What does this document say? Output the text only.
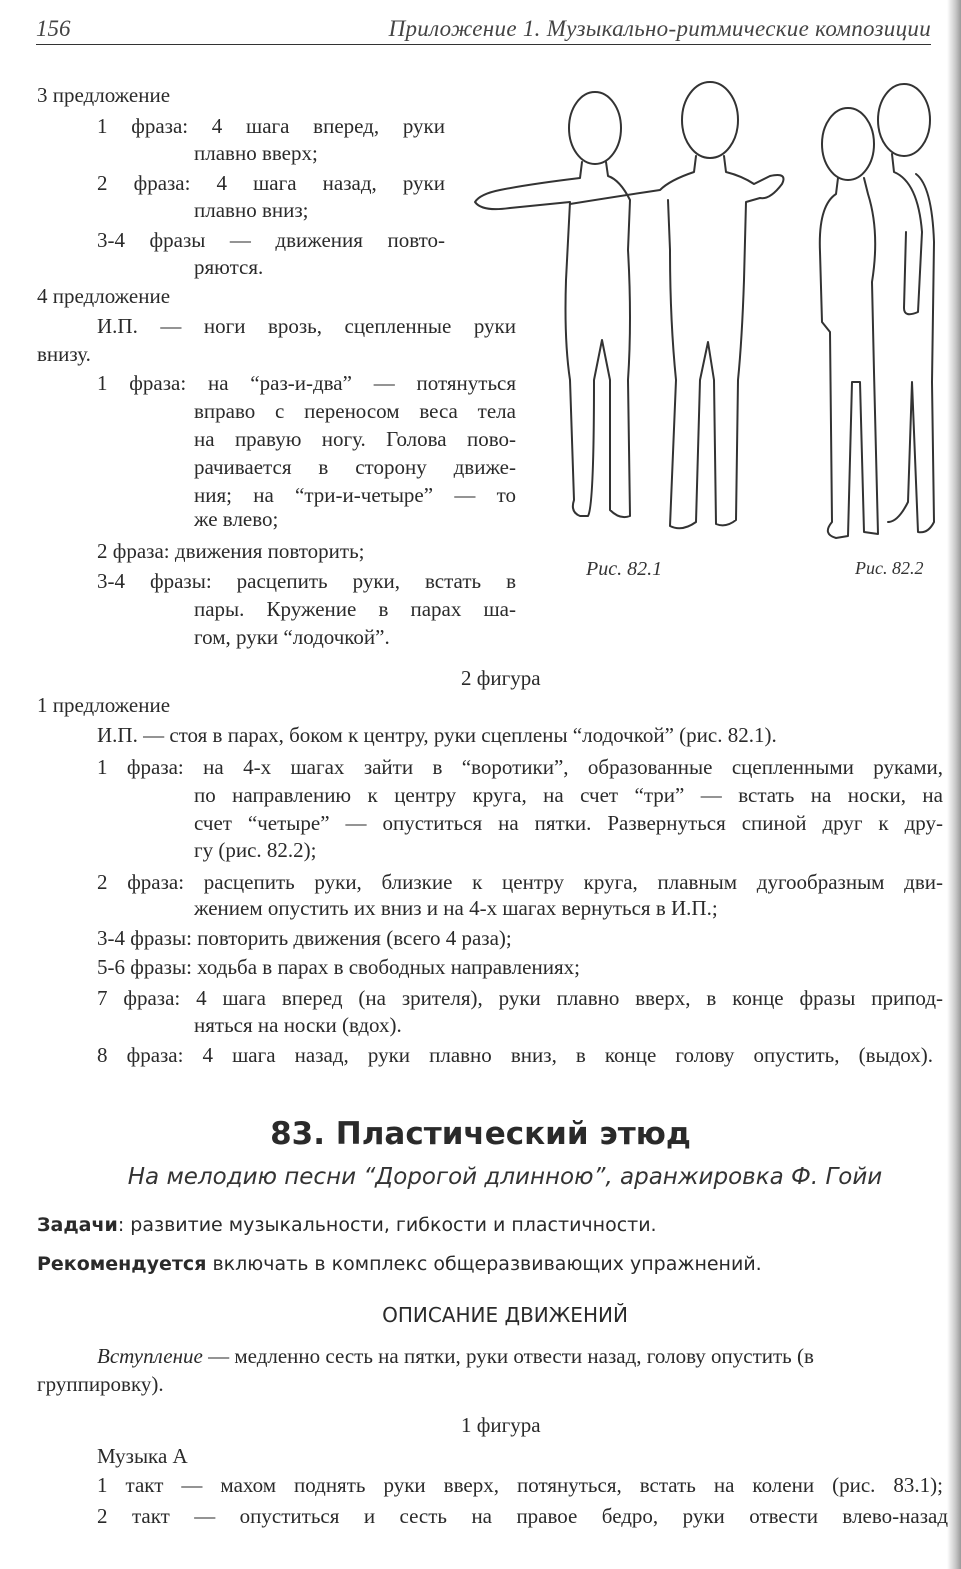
156	Приложение 1. Музыкально-ритмические композиции
3 предложение
1 фраза: 4 шага вперед, руки
плавно вверх;
2 фраза: 4 шага назад, руки
плавно вниз;
3-4 фразы — движения повто-
ряются.
4 предложение
И.П. — ноги врозь, сцепленные руки
внизу.
1 фраза: на “раз-и-два” — потянуться
вправо с переносом веса тела
на правую ногу. Голова пово-
рачивается в сторону движе-
ния; на “три-и-четыре” — то
же влево;
2 фраза: движения повторить;
3-4 фразы: расцепить руки, встать в
пары. Кружение в парах ша-
гом, руки “лодочкой”.
Рис. 82.1	Рис. 82.2
2 фигура
1 предложение
И.П. — стоя в парах, боком к центру, руки сцеплены “лодочкой” (рис. 82.1).
1 фраза: на 4-х шагах зайти в “воротики”, образованные сцепленными руками,
по направлению к центру круга, на счет “три” — встать на носки, на
счет “четыре” — опуститься на пятки. Развернуться спиной друг к дру-
гу (рис. 82.2);
2 фраза: расцепить руки, близкие к центру круга, плавным дугообразным дви-
жением опустить их вниз и на 4-х шагах вернуться в И.П.;
3-4 фразы: повторить движения (всего 4 раза);
5-6 фразы: ходьба в парах в свободных направлениях;
7 фраза: 4 шага вперед (на зрителя), руки плавно вверх, в конце фразы припод-
няться на носки (вдох).
8 фраза: 4 шага назад, руки плавно вниз, в конце голову опустить, (выдох).
83. Пластический этюд
На мелодию песни “Дорогой длинною”, аранжировка Ф. Гойи
Задачи: развитие музыкальности, гибкости и пластичности.
Рекомендуется включать в комплекс общеразвивающих упражнений.
ОПИСАНИЕ ДВИЖЕНИЙ
Вступление — медленно сесть на пятки, руки отвести назад, голову опустить (в
группировку).
1 фигура
Музыка А
1 такт — махом поднять руки вверх, потянуться, встать на колени (рис. 83.1);
2 такт — опуститься и сесть на правое бедро, руки отвести влево-назад
